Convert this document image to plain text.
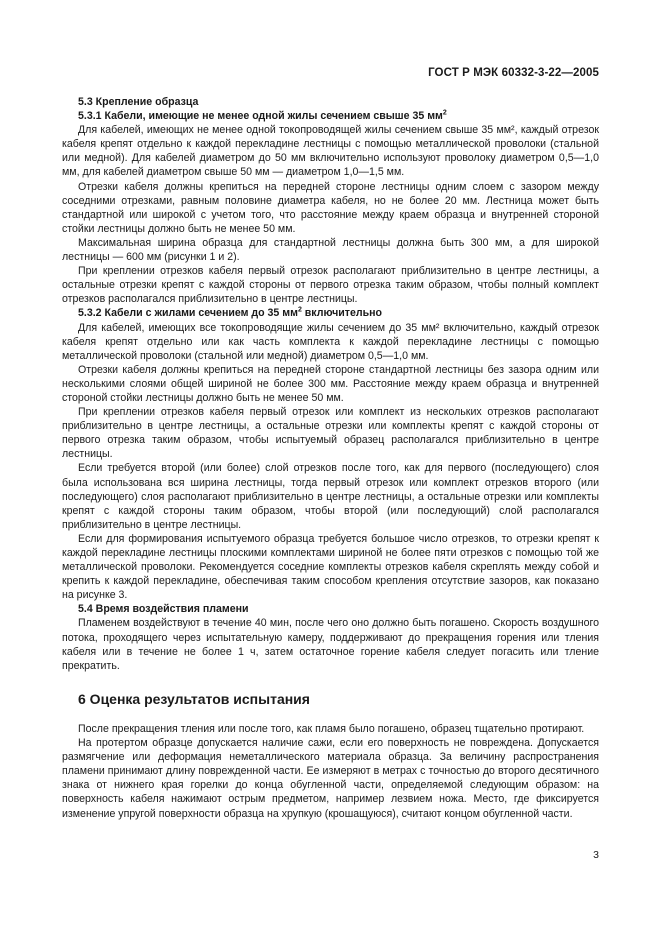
ГОСТ Р МЭК 60332-3-22—2005

5.3 Крепление образца

5.3.1 Кабели, имеющие не менее одной жилы сечением свыше 35 $мм^2$

Для кабелей, имеющих не менее одной токопроводящей жилы сечением свыше 35 мм², каждый отрезок кабеля крепят отдельно к каждой перекладине лестницы с помощью металлической проволоки (стальной или медной). Для кабелей диаметром до 50 мм включительно используют проволоку диаметром 0,5—1,0 мм, для кабелей диаметром свыше 50 мм — диаметром 1,0—1,5 мм.

Отрезки кабеля должны крепиться на передней стороне лестницы одним слоем с зазором между соседними отрезками, равным половине диаметра кабеля, но не более 20 мм. Лестница может быть стандартной или широкой с учетом того, что расстояние между краем образца и внутренней стороной стойки лестницы должно быть не менее 50 мм.

Максимальная ширина образца для стандартной лестницы должна быть 300 мм, а для широкой лестницы — 600 мм (рисунки 1 и 2).

При креплении отрезков кабеля первый отрезок располагают приблизительно в центре лестницы, а остальные отрезки крепят с каждой стороны от первого отрезка таким образом, чтобы полный комплект отрезков располагался приблизительно в центре лестницы.

5.3.2 Кабели с жилами сечением до 35 $мм^2$ включительно

Для кабелей, имеющих все токопроводящие жилы сечением до 35 мм² включительно, каждый отрезок кабеля крепят отдельно или как часть комплекта к каждой перекладине лестницы с помощью металлической проволоки (стальной или медной) диаметром 0,5—1,0 мм.

Отрезки кабеля должны крепиться на передней стороне стандартной лестницы без зазора одним или несколькими слоями общей шириной не более 300 мм. Расстояние между краем образца и внутренней стороной стойки лестницы должно быть не менее 50 мм.

При креплении отрезков кабеля первый отрезок или комплект из нескольких отрезков располагают приблизительно в центре лестницы, а остальные отрезки или комплекты крепят с каждой стороны от первого отрезка таким образом, чтобы испытуемый образец располагался приблизительно в центре лестницы.

Если требуется второй (или более) слой отрезков после того, как для первого (последующего) слоя была использована вся ширина лестницы, тогда первый отрезок или комплект отрезков второго (или последующего) слоя располагают приблизительно в центре лестницы, а остальные отрезки или комплекты крепят с каждой стороны таким образом, чтобы второй (или последующий) слой располагался приблизительно в центре лестницы.

Если для формирования испытуемого образца требуется большое число отрезков, то отрезки крепят к каждой перекладине лестницы плоскими комплектами шириной не более пяти отрезков с помощью той же металлической проволоки. Рекомендуется соседние комплекты отрезков кабеля скреплять между собой и крепить к каждой перекладине, обеспечивая таким способом крепления отсутствие зазоров, как показано на рисунке 3.

5.4 Время воздействия пламени

Пламенем воздействуют в течение 40 мин, после чего оно должно быть погашено. Скорость воздушного потока, проходящего через испытательную камеру, поддерживают до прекращения горения или тления кабеля или в течение не более 1 ч, затем остаточное горение кабеля следует погасить или тление прекратить.

6 Оценка результатов испытания

После прекращения тления или после того, как пламя было погашено, образец тщательно протирают.

На протертом образце допускается наличие сажи, если его поверхность не повреждена. Допускается размягчение или деформация неметаллического материала образца. За величину распространения пламени принимают длину поврежденной части. Ее измеряют в метрах с точностью до второго десятичного знака от нижнего края горелки до конца обугленной части, определяемой следующим образом: на поверхность кабеля нажимают острым предметом, например лезвием ножа. Место, где фиксируется изменение упругой поверхности образца на хрупкую (крошащуюся), считают концом обугленной части.

3
